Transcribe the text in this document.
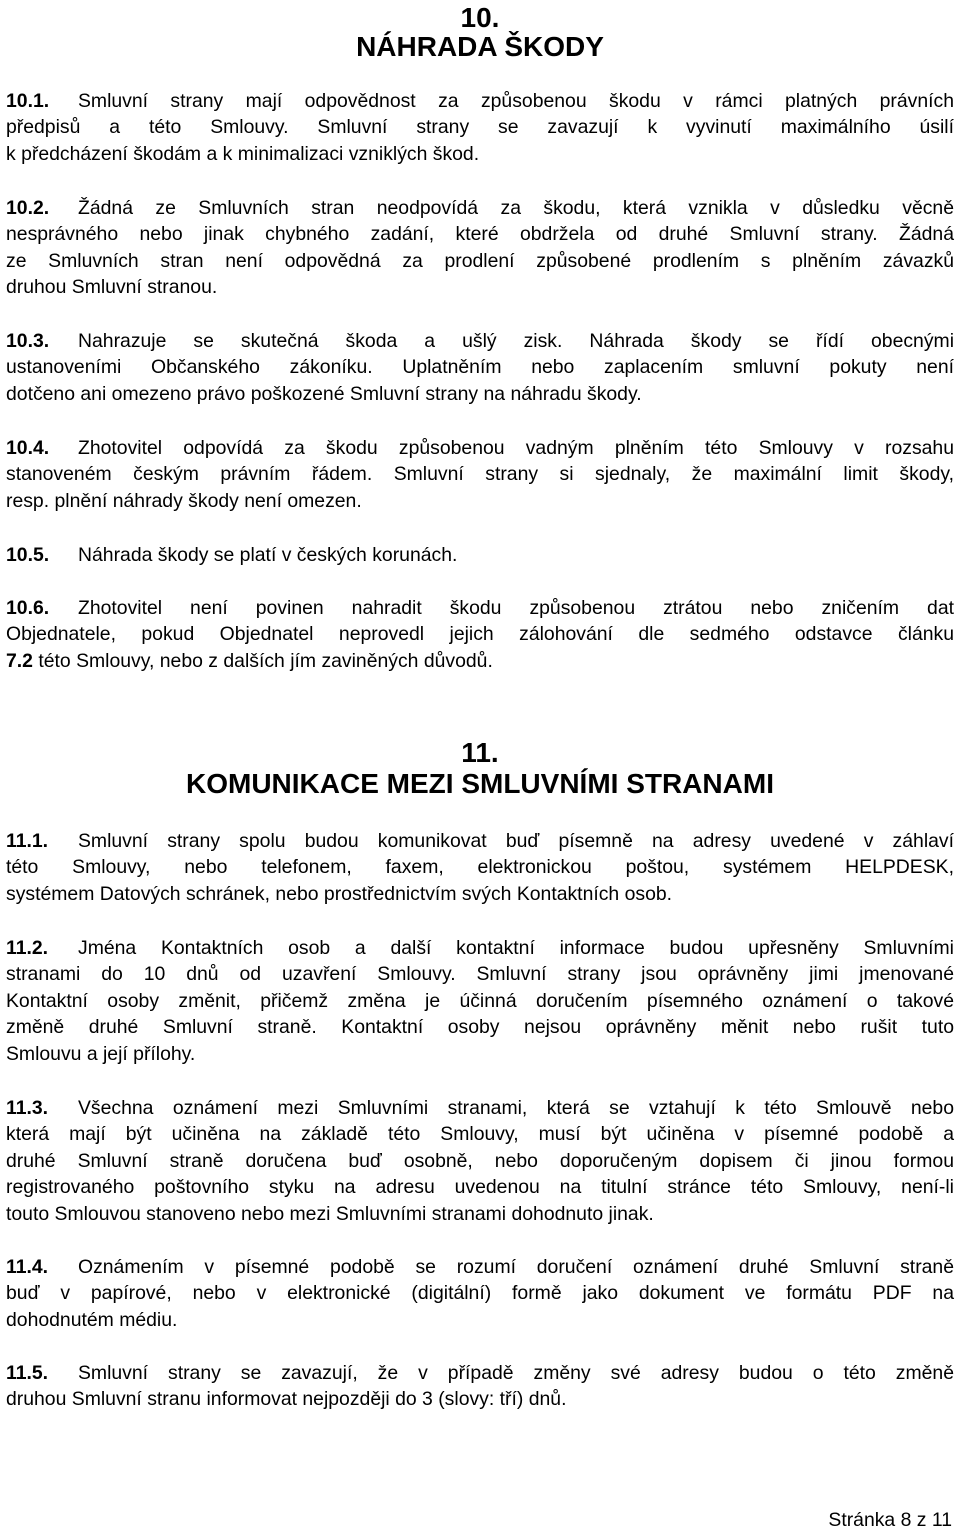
10.
NÁHRADA ŠKODY
10.1. Smluvní strany mají odpovědnost za způsobenou škodu v rámci platných právních
předpisů a této Smlouvy. Smluvní strany se zavazují k vyvinutí maximálního úsilí
k předcházení škodám a k minimalizaci vzniklých škod.
10.2. Žádná ze Smluvních stran neodpovídá za škodu, která vznikla v důsledku věcně
nesprávného nebo jinak chybného zadání, které obdržela od druhé Smluvní strany. Žádná
ze Smluvních stran není odpovědná za prodlení způsobené prodlením s plněním závazků
druhou Smluvní stranou.
10.3. Nahrazuje se skutečná škoda a ušlý zisk. Náhrada škody se řídí obecnými
ustanoveními Občanského zákoníku. Uplatněním nebo zaplacením smluvní pokuty není
dotčeno ani omezeno právo poškozené Smluvní strany na náhradu škody.
10.4. Zhotovitel odpovídá za škodu způsobenou vadným plněním této Smlouvy v rozsahu
stanoveném českým právním řádem. Smluvní strany si sjednaly, že maximální limit škody,
resp. plnění náhrady škody není omezen.
10.5. Náhrada škody se platí v českých korunách.
10.6. Zhotovitel není povinen nahradit škodu způsobenou ztrátou nebo zničením dat
Objednatele, pokud Objednatel neprovedl jejich zálohování dle sedmého odstavce článku
7.2 této Smlouvy, nebo z dalších jím zaviněných důvodů.
11.
KOMUNIKACE MEZI SMLUVNÍMI STRANAMI
11.1. Smluvní strany spolu budou komunikovat buď písemně na adresy uvedené v záhlaví
této Smlouvy, nebo telefonem, faxem, elektronickou poštou, systémem HELPDESK,
systémem Datových schránek, nebo prostřednictvím svých Kontaktních osob.
11.2. Jména Kontaktních osob a další kontaktní informace budou upřesněny Smluvními
stranami do 10 dnů od uzavření Smlouvy. Smluvní strany jsou oprávněny jimi jmenované
Kontaktní osoby změnit, přičemž změna je účinná doručením písemného oznámení o takové
změně druhé Smluvní straně. Kontaktní osoby nejsou oprávněny měnit nebo rušit tuto
Smlouvu a její přílohy.
11.3. Všechna oznámení mezi Smluvními stranami, která se vztahují k této Smlouvě nebo
která mají být učiněna na základě této Smlouvy, musí být učiněna v písemné podobě a
druhé Smluvní straně doručena buď osobně, nebo doporučeným dopisem či jinou formou
registrovaného poštovního styku na adresu uvedenou na titulní stránce této Smlouvy, není-li
touto Smlouvou stanoveno nebo mezi Smluvními stranami dohodnuto jinak.
11.4. Oznámením v písemné podobě se rozumí doručení oznámení druhé Smluvní straně
buď v papírové, nebo v elektronické (digitální) formě jako dokument ve formátu PDF na
dohodnutém médiu.
11.5. Smluvní strany se zavazují, že v případě změny své adresy budou o této změně
druhou Smluvní stranu informovat nejpozději do 3 (slovy: tří) dnů.
Stránka 8 z 11
